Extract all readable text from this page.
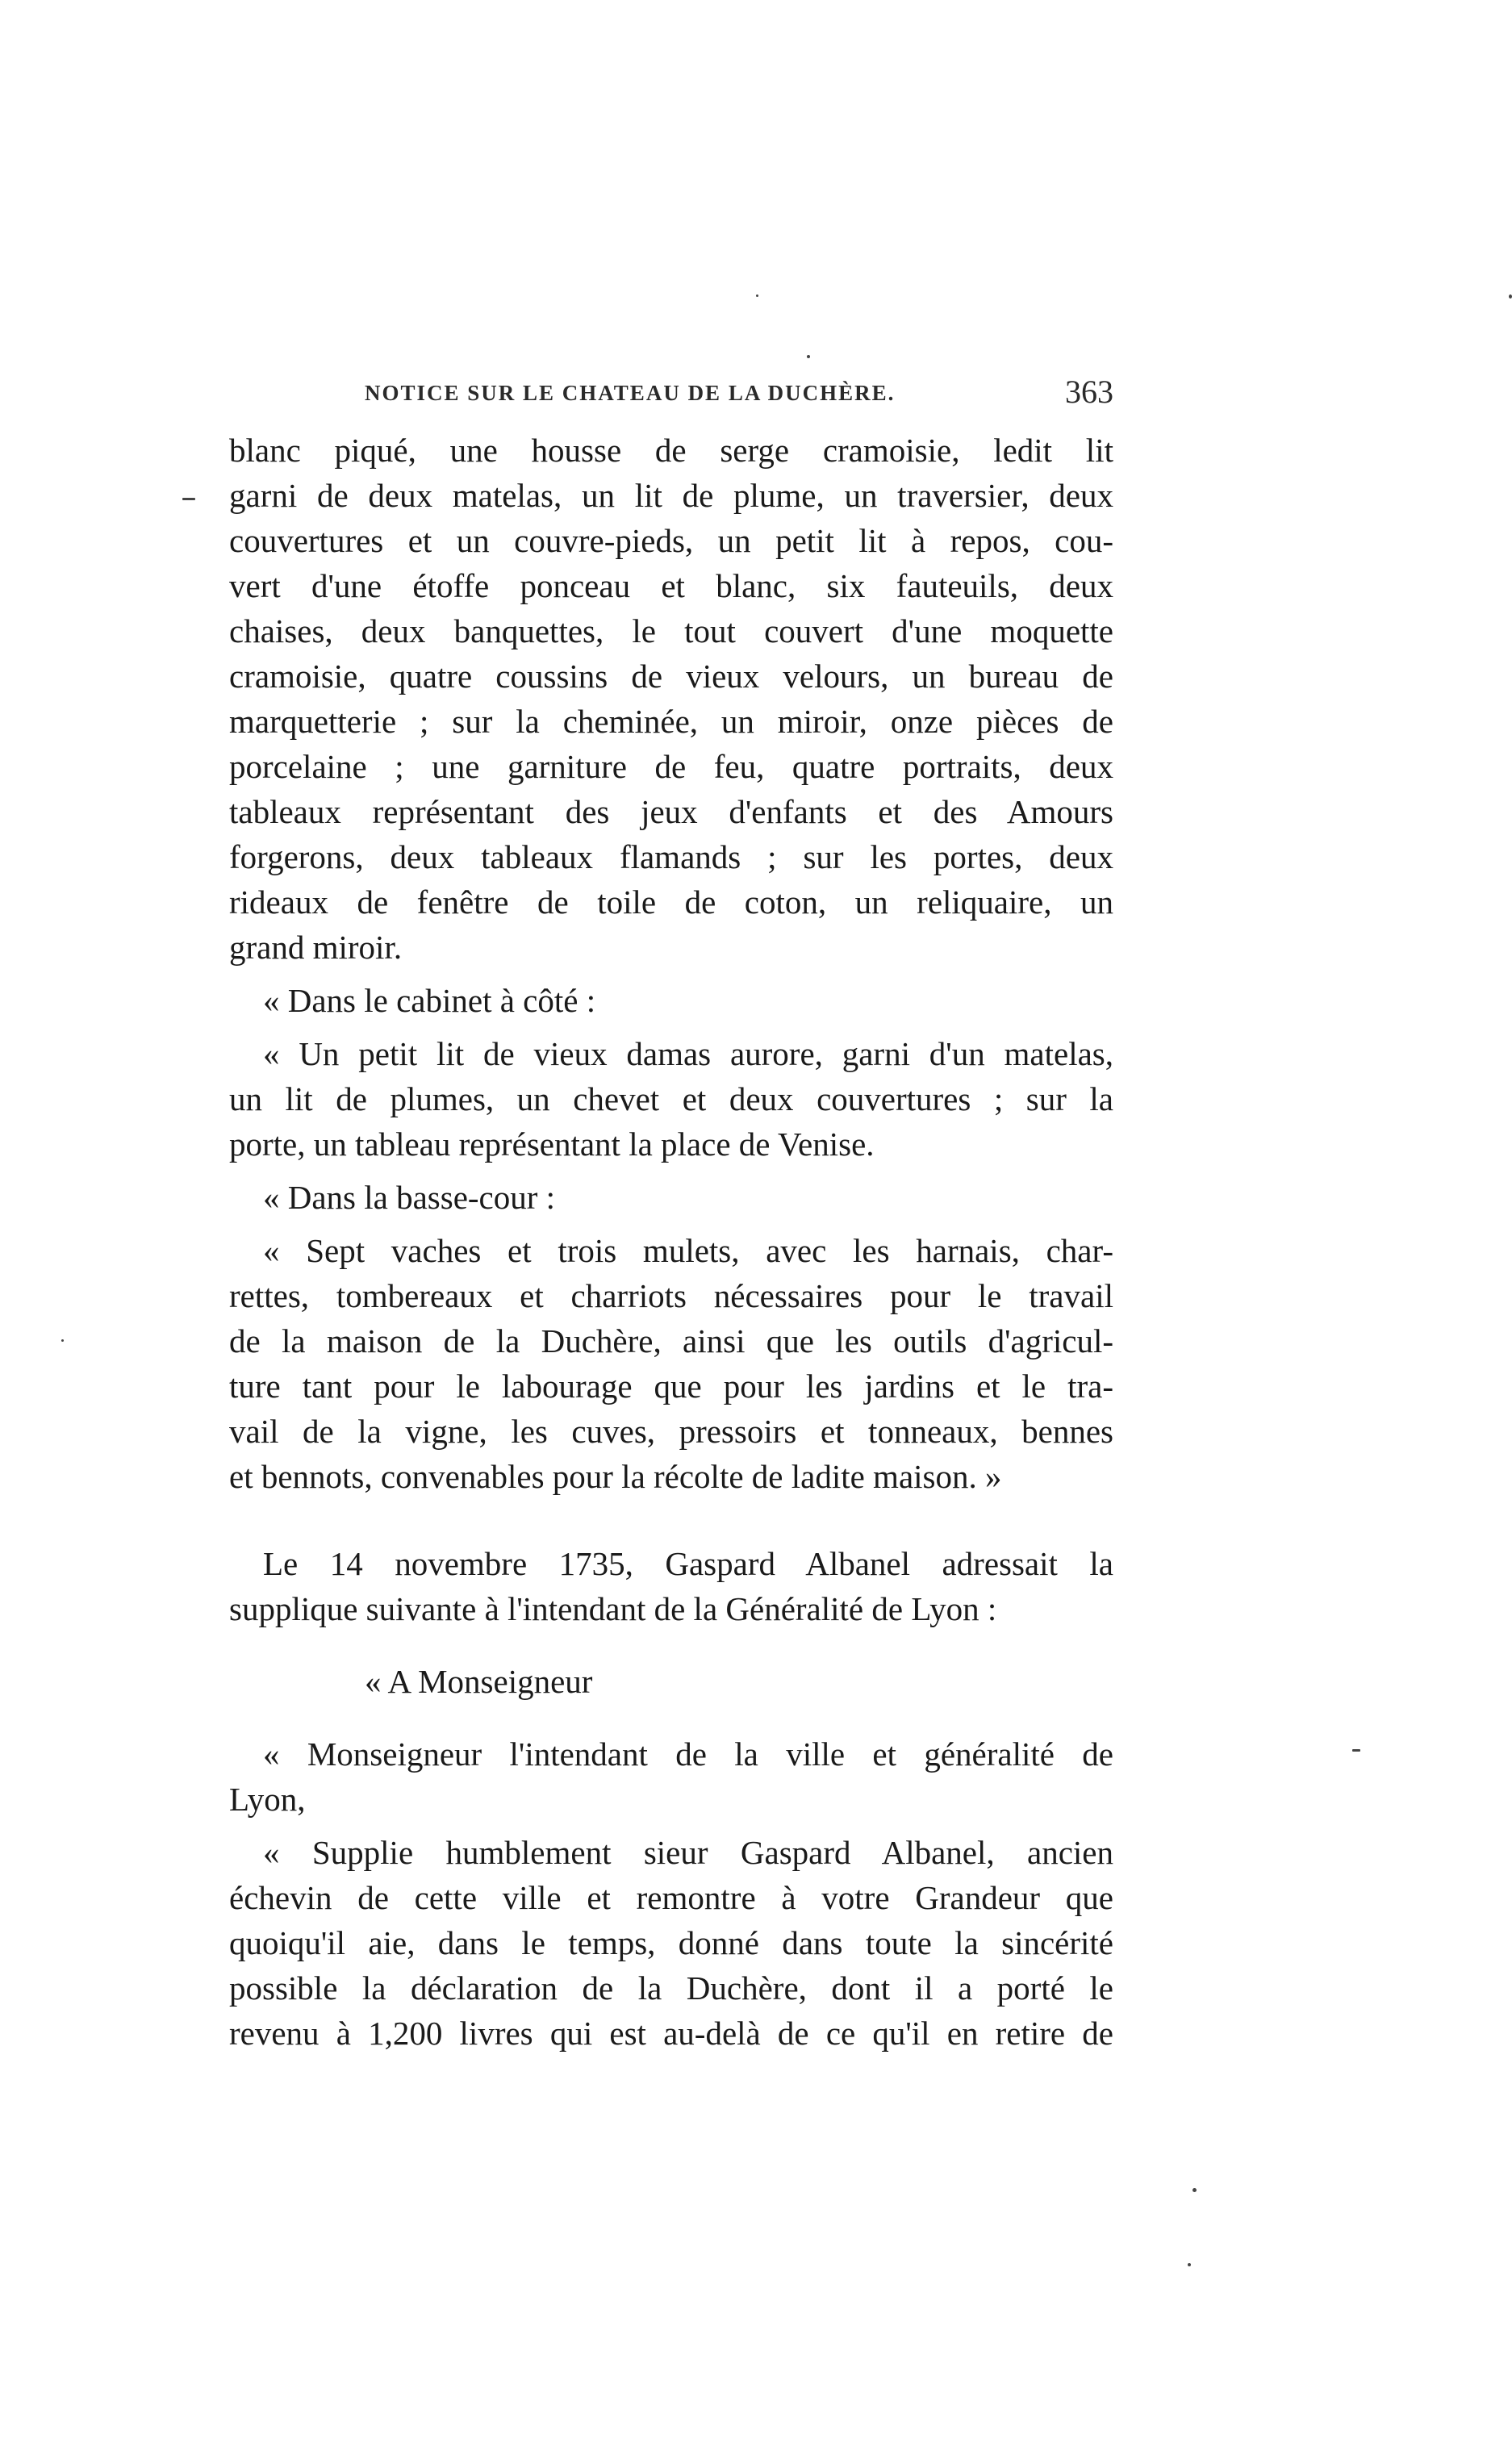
NOTICE SUR LE CHATEAU DE LA DUCHÈRE.	363
blanc piqué, une housse de serge cramoisie, ledit lit
garni de deux matelas, un lit de plume, un traversier, deux
couvertures et un couvre-pieds, un petit lit à repos, cou-
vert d'une étoffe ponceau et blanc, six fauteuils, deux
chaises, deux banquettes, le tout couvert d'une moquette
cramoisie, quatre coussins de vieux velours, un bureau de
marquetterie ; sur la cheminée, un miroir, onze pièces de
porcelaine ; une garniture de feu, quatre portraits, deux
tableaux représentant des jeux d'enfants et des Amours
forgerons, deux tableaux flamands ; sur les portes, deux
rideaux de fenêtre de toile de coton, un reliquaire, un
grand miroir.
« Dans le cabinet à côté :
« Un petit lit de vieux damas aurore, garni d'un matelas,
un lit de plumes, un chevet et deux couvertures ; sur la
porte, un tableau représentant la place de Venise.
« Dans la basse-cour :
« Sept vaches et trois mulets, avec les harnais, char-
rettes, tombereaux et charriots nécessaires pour le travail
de la maison de la Duchère, ainsi que les outils d'agricul-
ture tant pour le labourage que pour les jardins et le tra-
vail de la vigne, les cuves, pressoirs et tonneaux, bennes
et bennots, convenables pour la récolte de ladite maison. »
Le 14 novembre 1735, Gaspard Albanel adressait la
supplique suivante à l'intendant de la Généralité de Lyon :
« A Monseigneur
« Monseigneur l'intendant de la ville et généralité de
Lyon,
« Supplie humblement sieur Gaspard Albanel, ancien
échevin de cette ville et remontre à votre Grandeur que
quoiqu'il aie, dans le temps, donné dans toute la sincérité
possible la déclaration de la Duchère, dont il a porté le
revenu à 1,200 livres qui est au-delà de ce qu'il en retire de
